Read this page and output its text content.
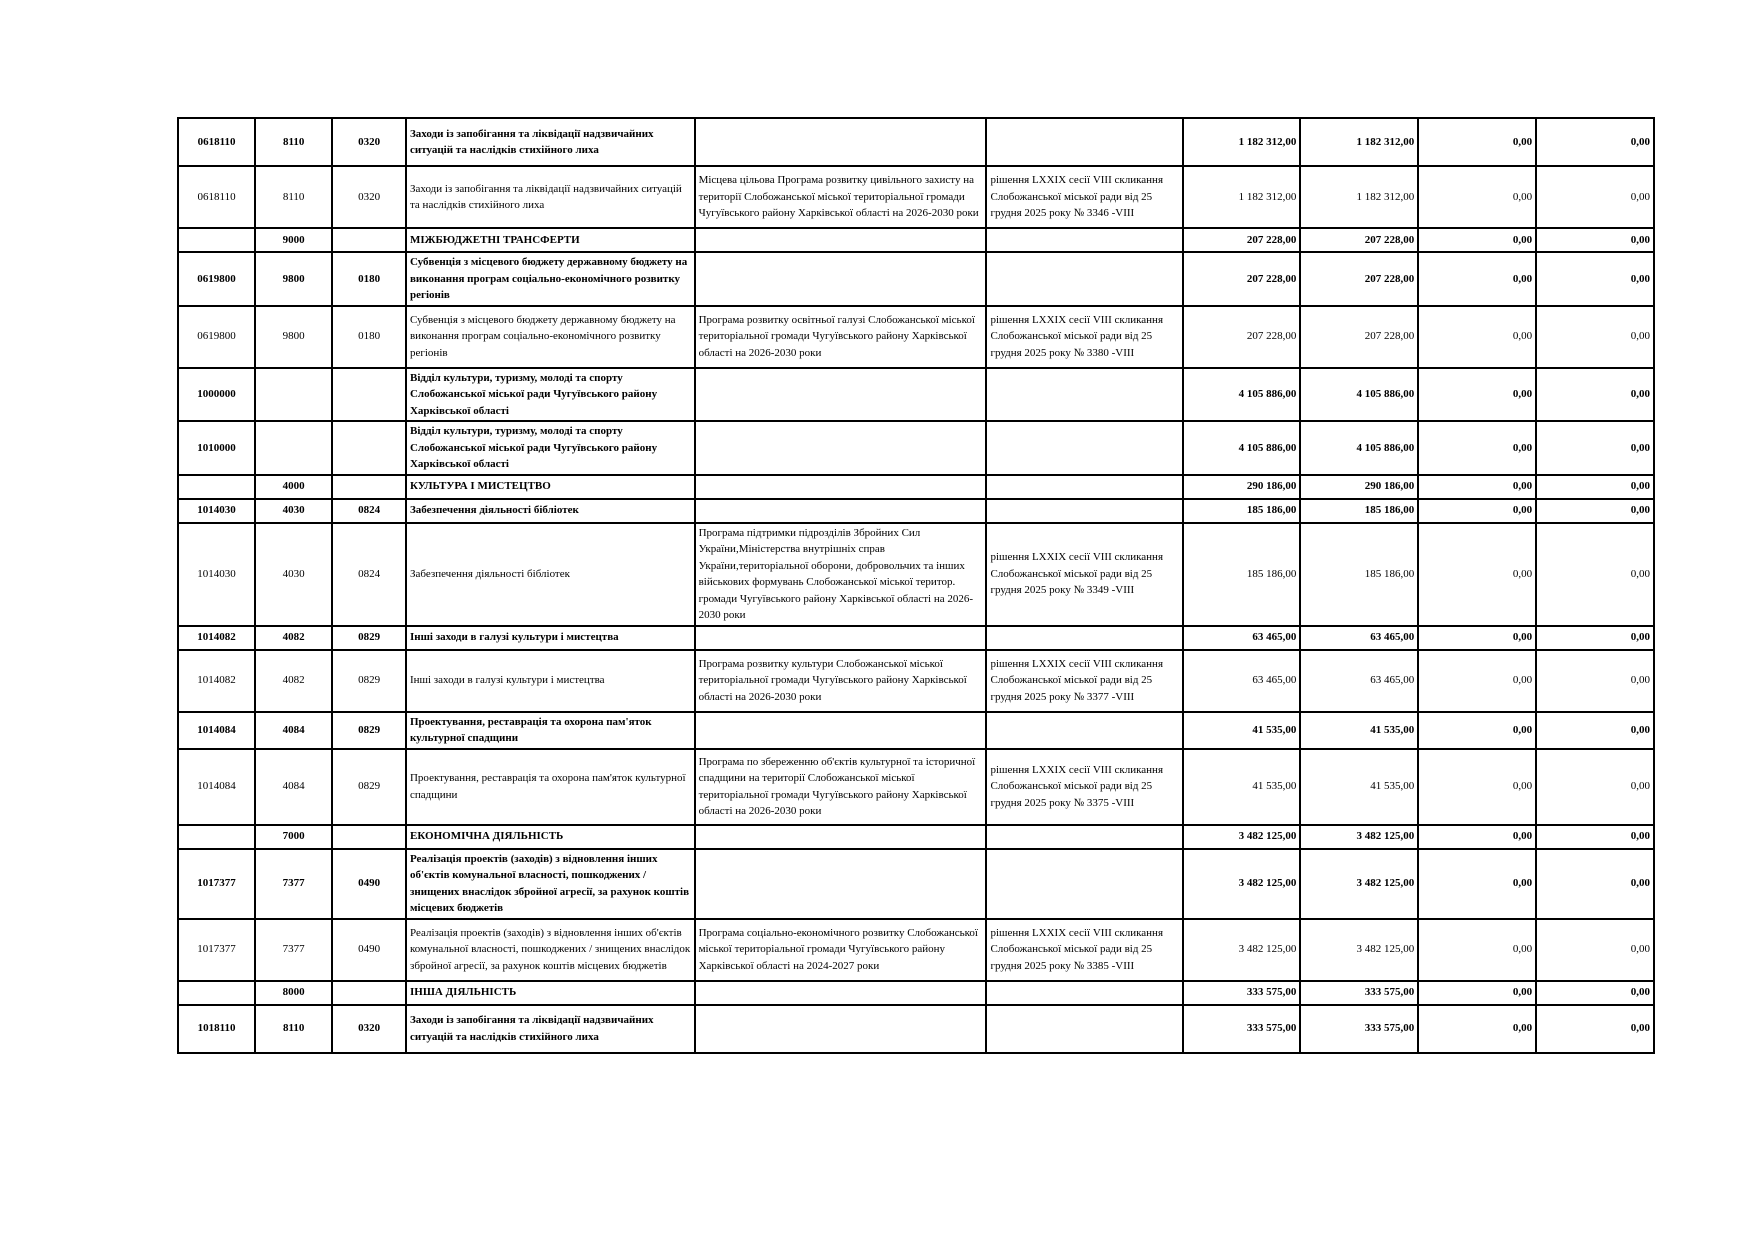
0618110	8110	0320	Заходи із запобігання та ліквідації надзвичайних ситуацій та наслідків стихійного лиха			1 182 312,00	1 182 312,00	0,00	0,00
0618110	8110	0320	Заходи із запобігання та ліквідації надзвичайних ситуацій та наслідків стихійного лиха	Місцева цільова Програма розвитку цивільного захисту на території Слобожанської міської територіальної громади Чугуївського району Харківської області на 2026-2030 роки	рішення LXXIX сесії VIII скликання Слобожанської міської ради від 25 грудня 2025 року № 3346 -VIII	1 182 312,00	1 182 312,00	0,00	0,00
	9000		МІЖБЮДЖЕТНІ ТРАНСФЕРТИ			207 228,00	207 228,00	0,00	0,00
0619800	9800	0180	Субвенція з місцевого бюджету державному бюджету на виконання програм соціально-економічного розвитку регіонів			207 228,00	207 228,00	0,00	0,00
0619800	9800	0180	Субвенція з місцевого бюджету державному бюджету на виконання програм соціально-економічного розвитку регіонів	Програма розвитку освітньої галузі Слобожанської міської територіальної громади Чугуївського району Харківської області на 2026-2030 роки	рішення LXXIX сесії VIII скликання Слобожанської міської ради від 25 грудня 2025 року № 3380 -VIII	207 228,00	207 228,00	0,00	0,00
1000000			Відділ культури, туризму, молоді та спорту Слобожанської міської ради Чугуївського району Харківської області			4 105 886,00	4 105 886,00	0,00	0,00
1010000			Відділ культури, туризму, молоді та спорту Слобожанської міської ради Чугуївського району Харківської області			4 105 886,00	4 105 886,00	0,00	0,00
	4000		КУЛЬТУРА І МИСТЕЦТВО			290 186,00	290 186,00	0,00	0,00
1014030	4030	0824	Забезпечення діяльності бібліотек			185 186,00	185 186,00	0,00	0,00
1014030	4030	0824	Забезпечення діяльності бібліотек	Програма підтримки підрозділів Збройних Сил України,Міністерства внутрішніх справ України,територіальної оборони, добровольчих та інших військових формувань Слобожанської міської територ. громади Чугуївського району Харківської області на 2026-2030 роки	рішення LXXIX сесії VIII скликання Слобожанської міської ради від 25 грудня 2025 року № 3349 -VIII	185 186,00	185 186,00	0,00	0,00
1014082	4082	0829	Інші заходи в галузі культури і мистецтва			63 465,00	63 465,00	0,00	0,00
1014082	4082	0829	Інші заходи в галузі культури і мистецтва	Програма розвитку культури Слобожанської міської територіальної громади Чугуївського району Харківської області на 2026-2030 роки	рішення LXXIX сесії VIII скликання Слобожанської міської ради від 25 грудня 2025 року № 3377 -VIII	63 465,00	63 465,00	0,00	0,00
1014084	4084	0829	Проектування, реставрація та охорона пам'яток культурної спадщини			41 535,00	41 535,00	0,00	0,00
1014084	4084	0829	Проектування, реставрація та охорона пам'яток культурної спадщини	Програма по збереженню об'єктів культурної та історичної спадщини на території Слобожанської міської територіальної громади Чугуївського району Харківської області на 2026-2030 роки	рішення LXXIX сесії VIII скликання Слобожанської міської ради від 25 грудня 2025 року № 3375 -VIII	41 535,00	41 535,00	0,00	0,00
	7000		ЕКОНОМІЧНА ДІЯЛЬНІСТЬ			3 482 125,00	3 482 125,00	0,00	0,00
1017377	7377	0490	Реалізація проектів (заходів) з відновлення інших об'єктів комунальної власності, пошкоджених / знищених внаслідок збройної агресії, за рахунок коштів місцевих бюджетів			3 482 125,00	3 482 125,00	0,00	0,00
1017377	7377	0490	Реалізація проектів (заходів) з відновлення інших об'єктів комунальної власності, пошкоджених / знищених внаслідок збройної агресії, за рахунок коштів місцевих бюджетів	Програма соціально-економічного розвитку Слобожанської міської територіальної громади Чугуївського району Харківської області на 2024-2027 роки	рішення LXXIX сесії VIII скликання Слобожанської міської ради від 25 грудня 2025 року № 3385 -VIII	3 482 125,00	3 482 125,00	0,00	0,00
	8000		ІНША ДІЯЛЬНІСТЬ			333 575,00	333 575,00	0,00	0,00
1018110	8110	0320	Заходи із запобігання та ліквідації надзвичайних ситуацій та наслідків стихійного лиха			333 575,00	333 575,00	0,00	0,00
